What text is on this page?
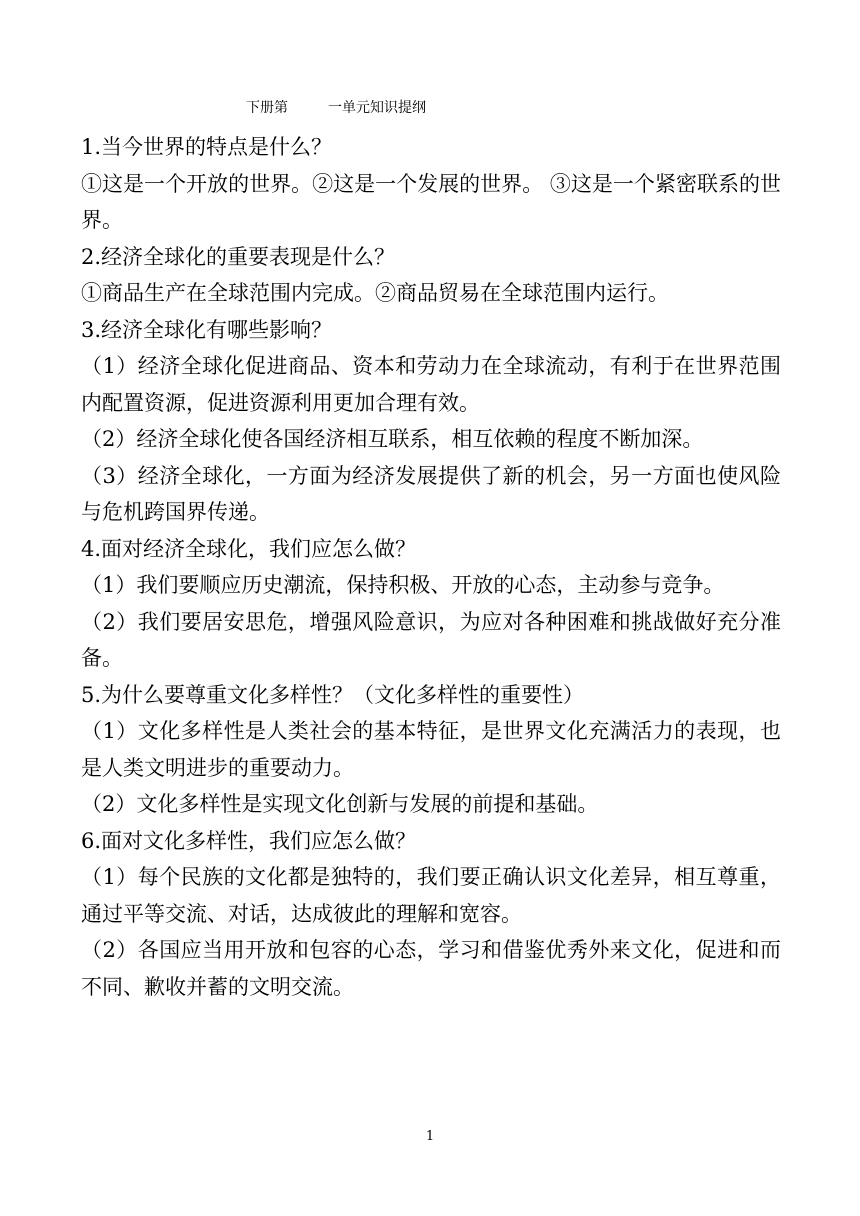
下册第	一单元知识提纲

1.当今世界的特点是什么？

①这是一个开放的世界。②这是一个发展的世界。 ③这是一个紧密联系的世界。

2.经济全球化的重要表现是什么？

①商品生产在全球范围内完成。②商品贸易在全球范围内运行。

3.经济全球化有哪些影响？

（1）经济全球化促进商品、资本和劳动力在全球流动，有利于在世界范围内配置资源，促进资源利用更加合理有效。

（2）经济全球化使各国经济相互联系，相互依赖的程度不断加深。

（3）经济全球化，一方面为经济发展提供了新的机会，另一方面也使风险与危机跨国界传递。

4.面对经济全球化，我们应怎么做？

（1）我们要顺应历史潮流，保持积极、开放的心态，主动参与竞争。

（2）我们要居安思危，增强风险意识，为应对各种困难和挑战做好充分准备。

5.为什么要尊重文化多样性？（文化多样性的重要性）

（1）文化多样性是人类社会的基本特征，是世界文化充满活力的表现，也是人类文明进步的重要动力。

（2）文化多样性是实现文化创新与发展的前提和基础。

6.面对文化多样性，我们应怎么做？

（1）每个民族的文化都是独特的，我们要正确认识文化差异，相互尊重，通过平等交流、对话，达成彼此的理解和宽容。

（2）各国应当用开放和包容的心态，学习和借鉴优秀外来文化，促进和而不同、歉收并蓄的文明交流。

1
